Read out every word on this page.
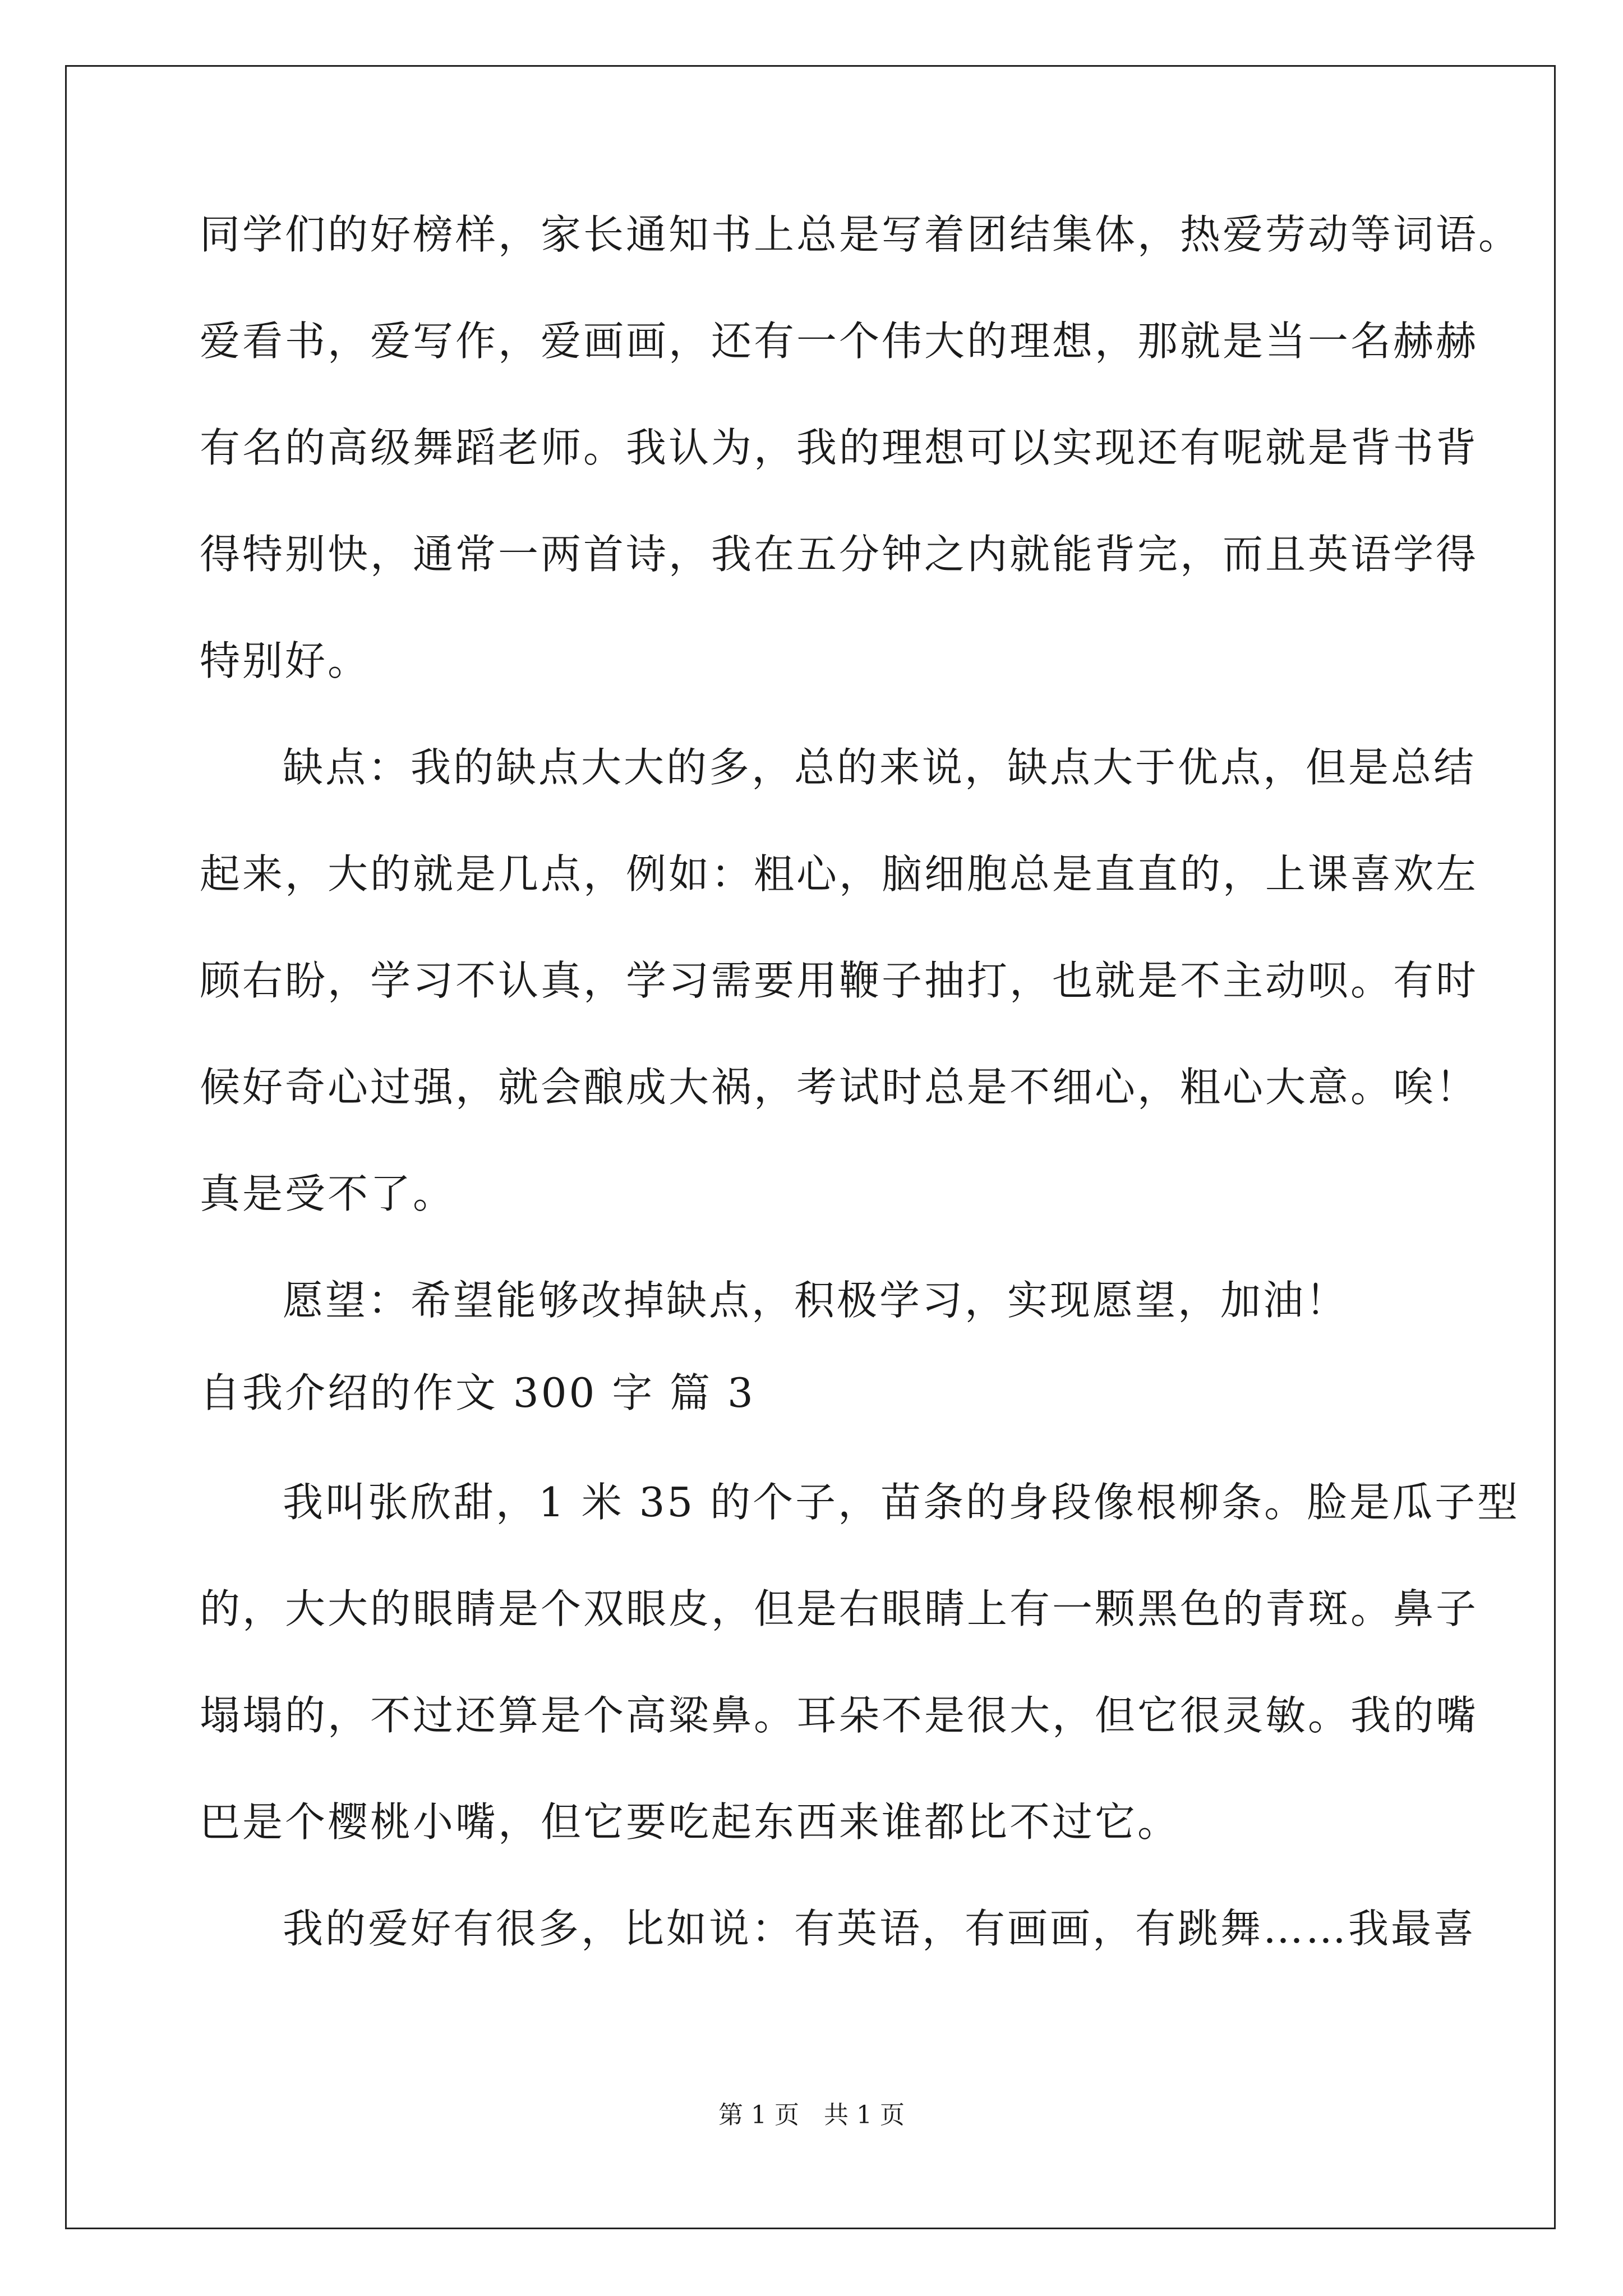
同学们的好榜样，家长通知书上总是写着团结集体，热爱劳动等词语。
爱看书，爱写作，爱画画，还有一个伟大的理想，那就是当一名赫赫
有名的高级舞蹈老师。我认为，我的理想可以实现还有呢就是背书背
得特别快，通常一两首诗，我在五分钟之内就能背完，而且英语学得
特别好。
缺点：我的缺点大大的多，总的来说，缺点大于优点，但是总结
起来，大的就是几点，例如：粗心，脑细胞总是直直的，上课喜欢左
顾右盼，学习不认真，学习需要用鞭子抽打，也就是不主动呗。有时
候好奇心过强，就会酿成大祸，考试时总是不细心，粗心大意。唉！
真是受不了。
愿望：希望能够改掉缺点，积极学习，实现愿望，加油！
自我介绍的作文 300 字 篇 3
我叫张欣甜，1 米 35 的个子，苗条的身段像根柳条。脸是瓜子型
的，大大的眼睛是个双眼皮，但是右眼睛上有一颗黑色的青斑。鼻子
塌塌的，不过还算是个高粱鼻。耳朵不是很大，但它很灵敏。我的嘴
巴是个樱桃小嘴，但它要吃起东西来谁都比不过它。
我的爱好有很多，比如说：有英语，有画画，有跳舞……我最喜
第 1 页　共 1 页
